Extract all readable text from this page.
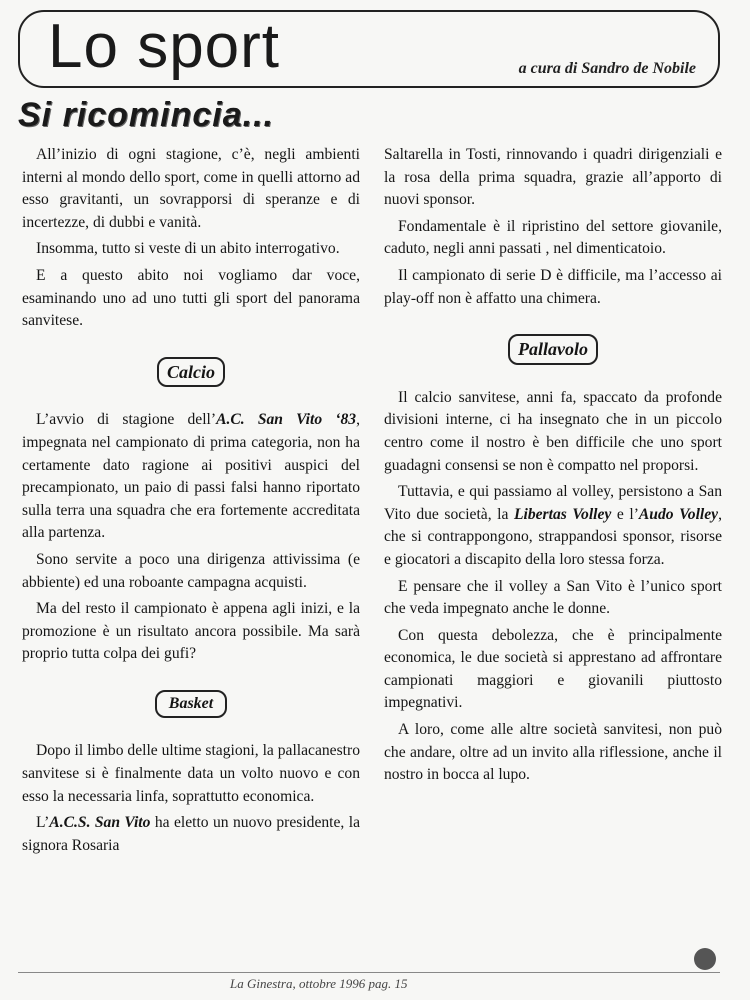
Lo sport	a cura di Sandro de Nobile
Si ricomincia...

All’inizio di ogni stagione, c’è, negli ambienti interni al mondo dello sport, come in quelli attorno ad esso gravitanti, un sovrapporsi di speranze e di incertezze, di dubbi e vanità.

Insomma, tutto si veste di un abito interrogativo.

E a questo abito noi vogliamo dar voce, esaminando uno ad uno tutti gli sport del panorama sanvitese.

Calcio

L’avvio di stagione dell’A.C. San Vito ‘83, impegnata nel campionato di prima categoria, non ha certamente dato ragione ai positivi auspici del precampionato, un paio di passi falsi hanno riportato sulla terra una squadra che era fortemente accreditata alla partenza.

Sono servite a poco una dirigenza attivissima (e abbiente) ed una roboante campagna acquisti.

Ma del resto il campionato è appena agli inizi, e la promozione è un risultato ancora possibile. Ma sarà proprio tutta colpa dei gufi?

Basket

Dopo il limbo delle ultime stagioni, la pallacanestro sanvitese si è finalmente data un volto nuovo e con esso la necessaria linfa, soprattutto economica.

L’A.C.S. San Vito ha eletto un nuovo presidente, la signora Rosaria

Saltarella in Tosti, rinnovando i quadri dirigenziali e la rosa della prima squadra, grazie all’apporto di nuovi sponsor.

Fondamentale è il ripristino del settore giovanile, caduto, negli anni passati , nel dimenticatoio.

Il campionato di serie D è difficile, ma l’accesso ai play-off non è affatto una chimera.

Pallavolo

Il calcio sanvitese, anni fa, spaccato da profonde divisioni interne, ci ha insegnato che in un piccolo centro come il nostro è ben difficile che uno sport guadagni consensi se non è compatto nel proporsi.

Tuttavia, e qui passiamo al volley, persistono a San Vito due società, la Libertas Volley e l’Audo Volley, che si contrappongono, strappandosi sponsor, risorse e giocatori a discapito della loro stessa forza.

E pensare che il volley a San Vito è l’unico sport che veda impegnato anche le donne.

Con questa debolezza, che è principalmente economica, le due società si apprestano ad affrontare campionati maggiori e giovanili piuttosto impegnativi.

A loro, come alle altre società sanvitesi, non può che andare, oltre ad un invito alla riflessione, anche il nostro in bocca al lupo.

La Ginestra, ottobre 1996 pag. 15
